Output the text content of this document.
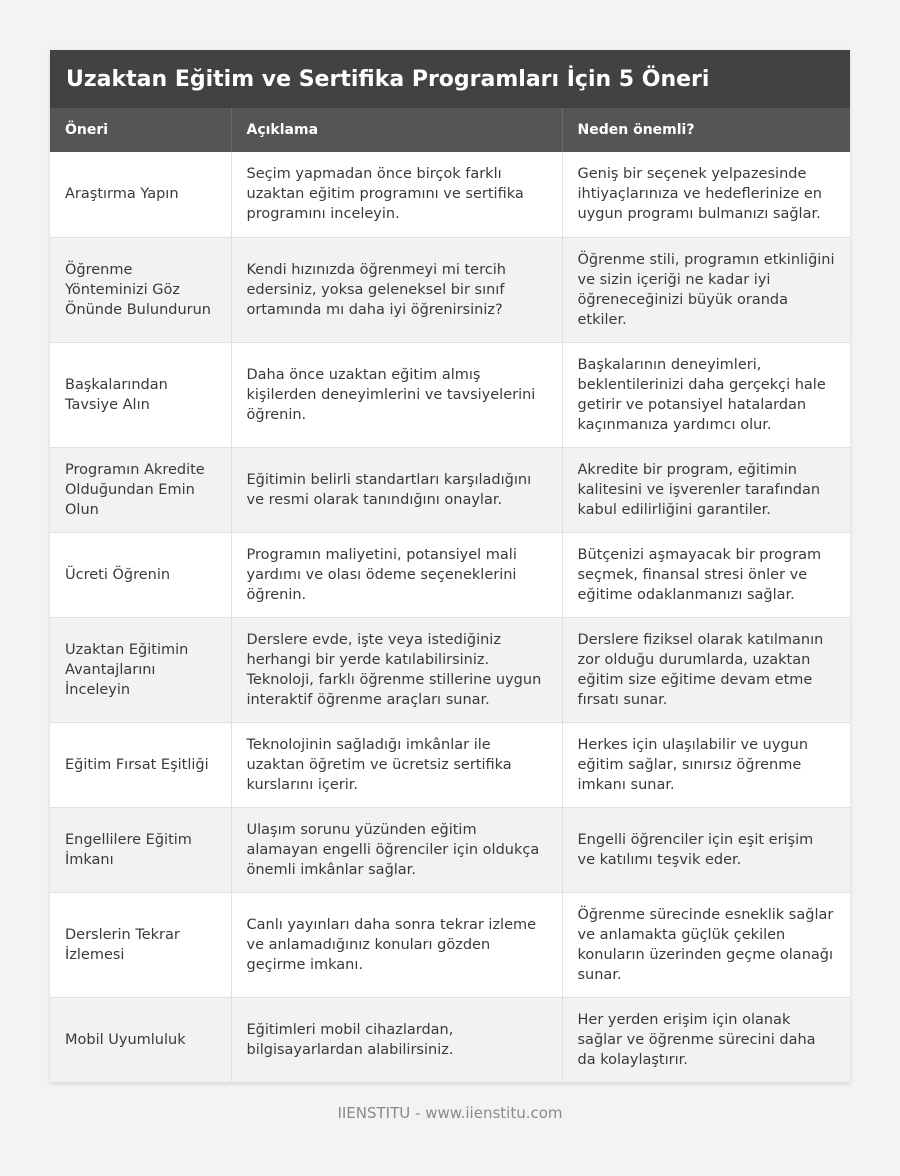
Uzaktan Eğitim ve Sertifika Programları İçin 5 Öneri
Öneri	Açıklama	Neden önemli?
Araştırma Yapın	Seçim yapmadan önce birçok farklı uzaktan eğitim programını ve sertifika programını inceleyin.	Geniş bir seçenek yelpazesinde ihtiyaçlarınıza ve hedeflerinize en uygun programı bulmanızı sağlar.
Öğrenme Yönteminizi Göz Önünde Bulundurun	Kendi hızınızda öğrenmeyi mi tercih edersiniz, yoksa geleneksel bir sınıf ortamında mı daha iyi öğrenirsiniz?	Öğrenme stili, programın etkinliğini ve sizin içeriği ne kadar iyi öğreneceğinizi büyük oranda etkiler.
Başkalarından Tavsiye Alın	Daha önce uzaktan eğitim almış kişilerden deneyimlerini ve tavsiyelerini öğrenin.	Başkalarının deneyimleri, beklentilerinizi daha gerçekçi hale getirir ve potansiyel hatalardan kaçınmanıza yardımcı olur.
Programın Akredite Olduğundan Emin Olun	Eğitimin belirli standartları karşıladığını ve resmi olarak tanındığını onaylar.	Akredite bir program, eğitimin kalitesini ve işverenler tarafından kabul edilirliğini garantiler.
Ücreti Öğrenin	Programın maliyetini, potansiyel mali yardımı ve olası ödeme seçeneklerini öğrenin.	Bütçenizi aşmayacak bir program seçmek, finansal stresi önler ve eğitime odaklanmanızı sağlar.
Uzaktan Eğitimin Avantajlarını İnceleyin	Derslere evde, işte veya istediğiniz herhangi bir yerde katılabilirsiniz. Teknoloji, farklı öğrenme stillerine uygun interaktif öğrenme araçları sunar.	Derslere fiziksel olarak katılmanın zor olduğu durumlarda, uzaktan eğitim size eğitime devam etme fırsatı sunar.
Eğitim Fırsat Eşitliği	Teknolojinin sağladığı imkânlar ile uzaktan öğretim ve ücretsiz sertifika kurslarını içerir.	Herkes için ulaşılabilir ve uygun eğitim sağlar, sınırsız öğrenme imkanı sunar.
Engellilere Eğitim İmkanı	Ulaşım sorunu yüzünden eğitim alamayan engelli öğrenciler için oldukça önemli imkânlar sağlar.	Engelli öğrenciler için eşit erişim ve katılımı teşvik eder.
Derslerin Tekrar İzlemesi	Canlı yayınları daha sonra tekrar izleme ve anlamadığınız konuları gözden geçirme imkanı.	Öğrenme sürecinde esneklik sağlar ve anlamakta güçlük çekilen konuların üzerinden geçme olanağı sunar.
Mobil Uyumluluk	Eğitimleri mobil cihazlardan, bilgisayarlardan alabilirsiniz.	Her yerden erişim için olanak sağlar ve öğrenme sürecini daha da kolaylaştırır.
IIENSTITU - www.iienstitu.com
